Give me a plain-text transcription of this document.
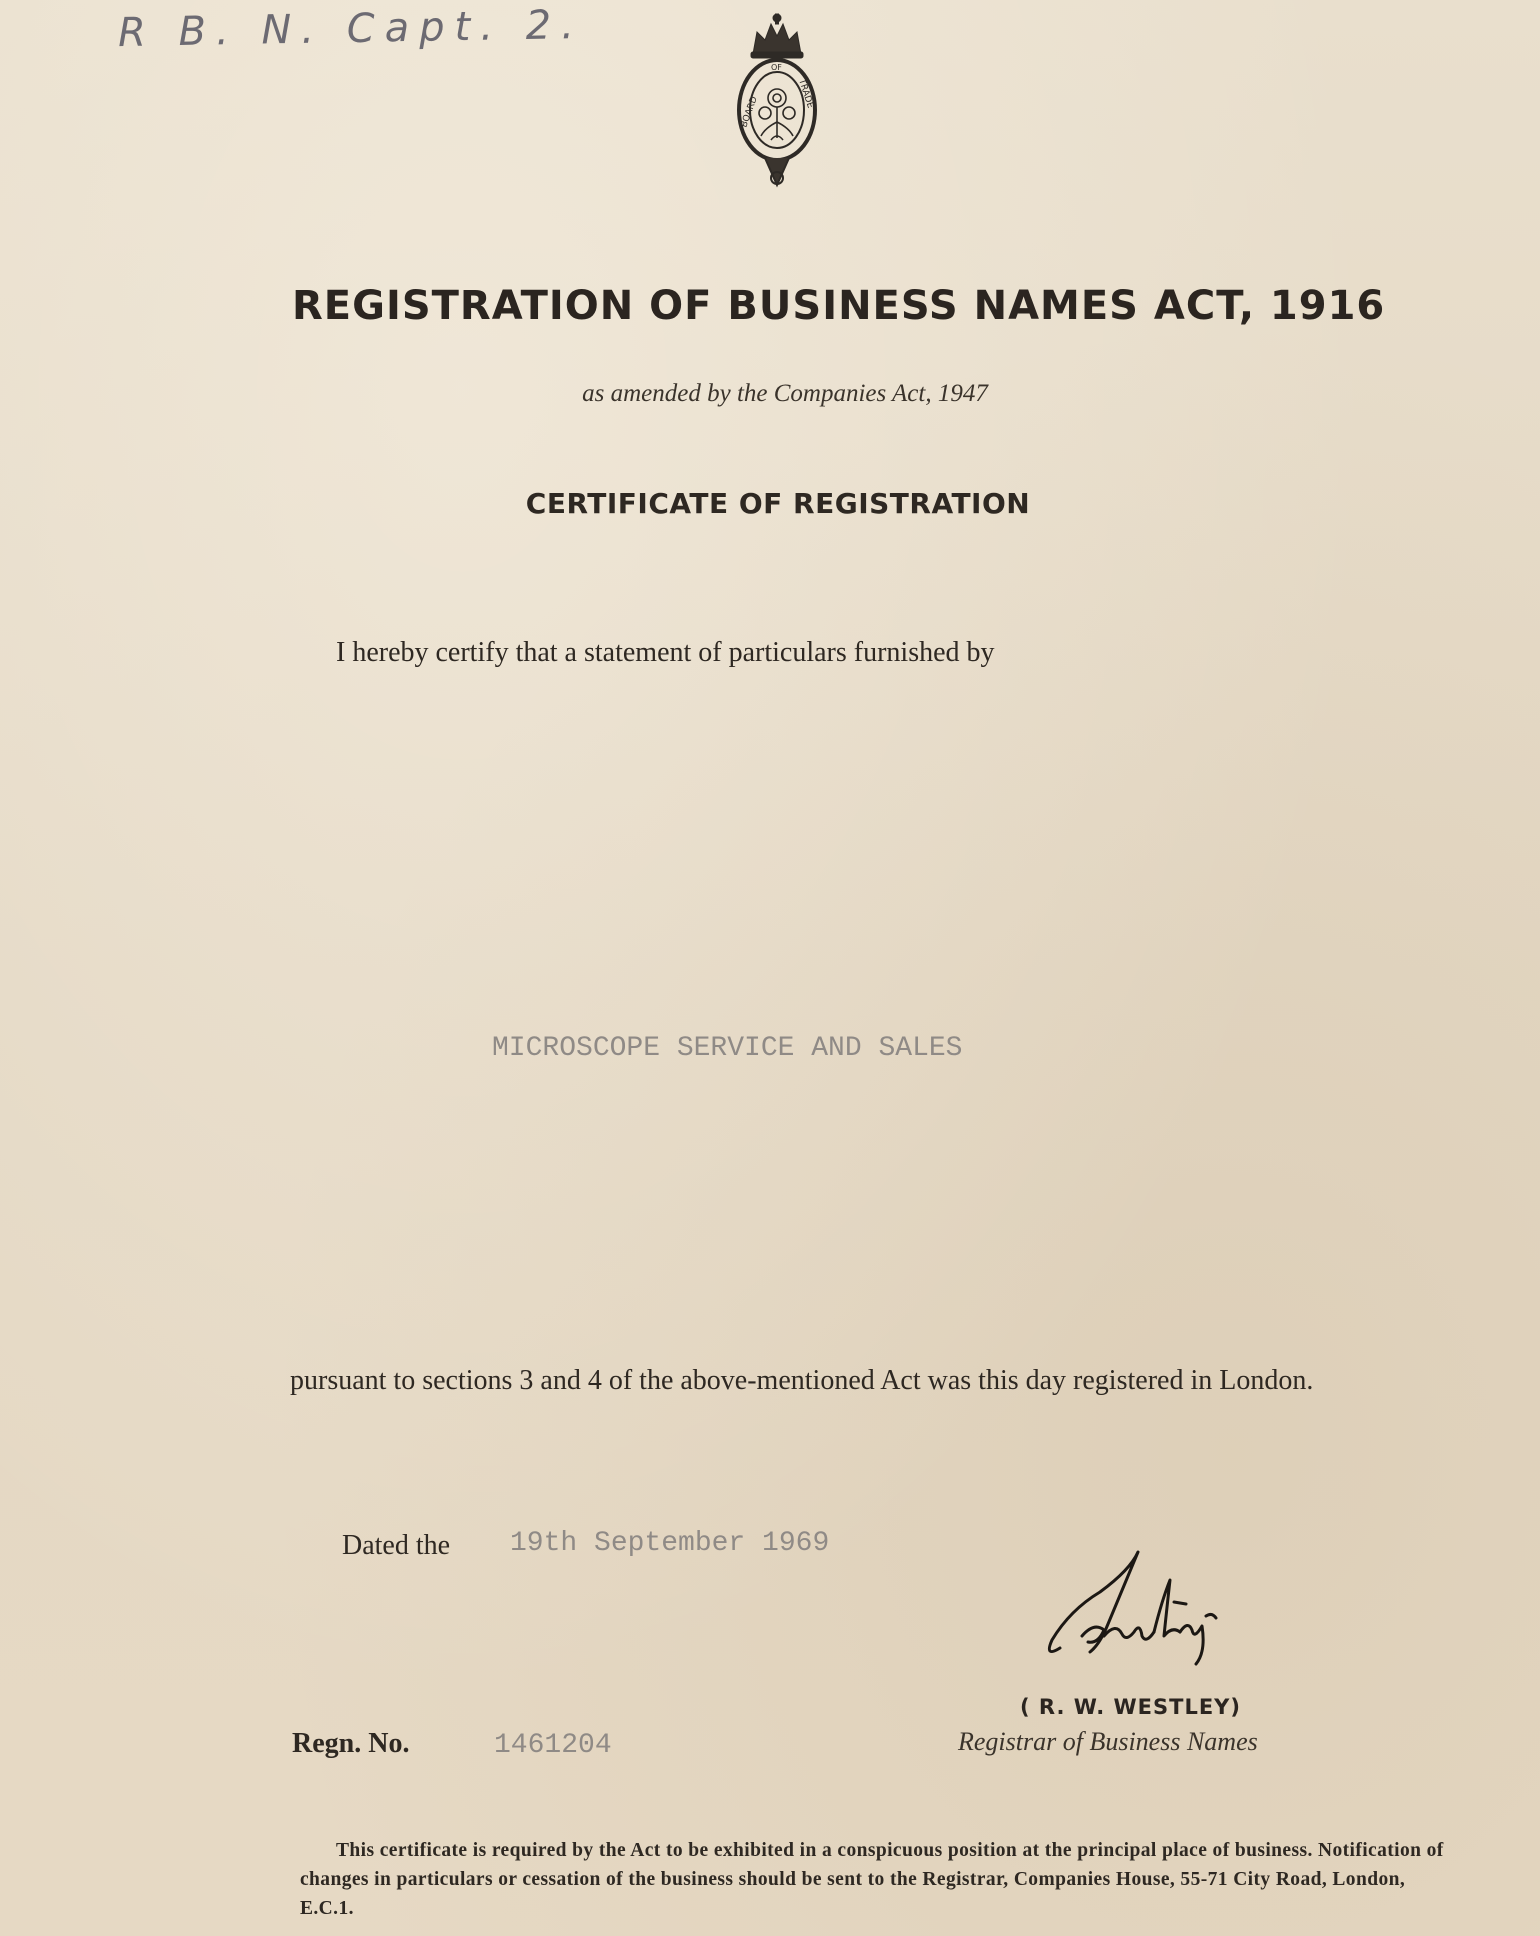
R B. N. Capt. 2.
BOARD
OF
TRADE
REGISTRATION OF BUSINESS NAMES ACT, 1916
as amended by the Companies Act, 1947
CERTIFICATE OF REGISTRATION
I hereby certify that a statement of particulars furnished by
MICROSCOPE SERVICE AND SALES
pursuant to sections 3 and 4 of the above-mentioned Act was this day registered in London.
Dated the 19th September 1969
( R. W. WESTLEY)
Registrar of Business Names
Regn. No.	1461204
This certificate is required by the Act to be exhibited in a conspicuous position at the principal place of business. Notification of changes in particulars or cessation of the business should be sent to the Registrar, Companies House, 55-71 City Road, London, E.C.1.
